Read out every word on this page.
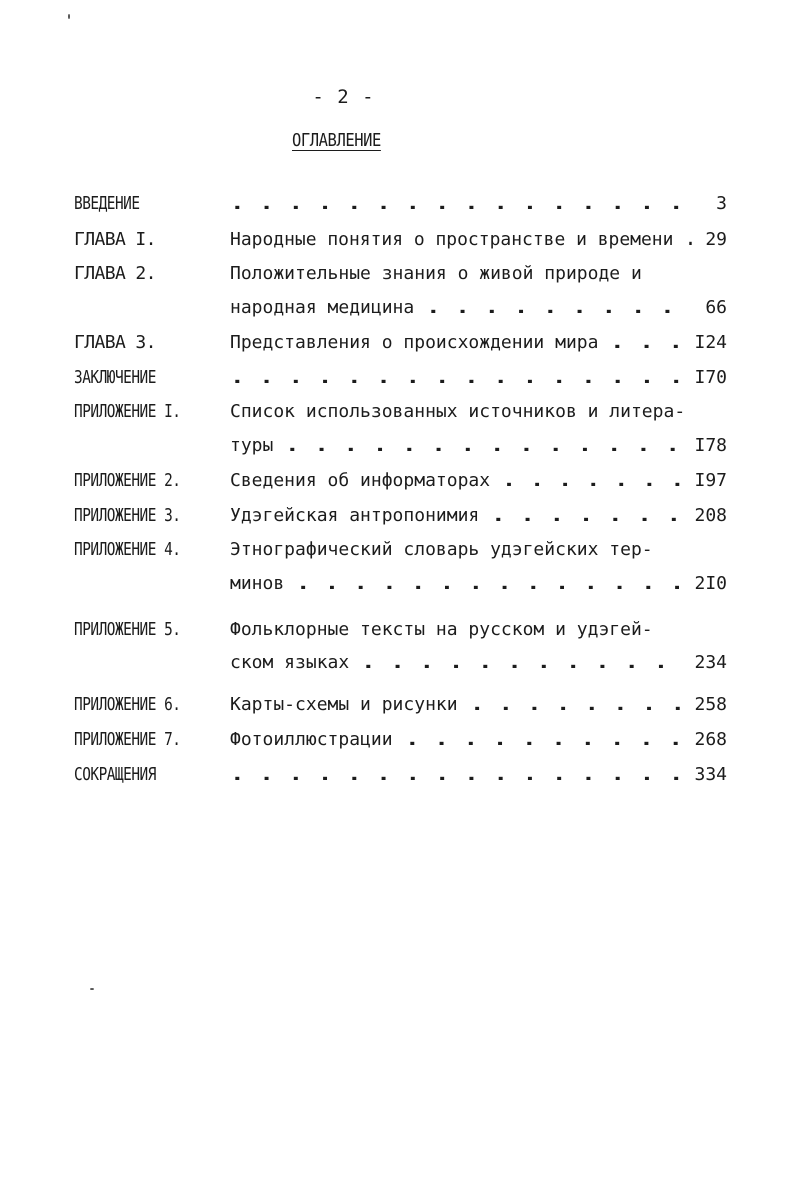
- 2 -
ОГЛАВЛЕНИЕ
ВВЕДЕНИЕ	3
. . . . . . . . . . . . . . . .
ГЛАВА I.	Народные понятия о пространстве и времени 29
.
ГЛАВА 2.	Положительные знания о живой природе и
народная медицина	66
. . . . . . . . .
ГЛАВА 3.	Представления о происхождении мира	I24
. . .
ЗАКЛЮЧЕНИЕ	I70
. . . . . . . . . . . . . . . .
ПРИЛОЖЕНИЕ I.	Список использованных источников и литера-
туры	I78
. . . . . . . . . . . . . .
ПРИЛОЖЕНИЕ 2.	Сведения об информаторах	I97
. . . . . . .
ПРИЛОЖЕНИЕ 3.	Удэгейская антропонимия	208
. . . . . . .
ПРИЛОЖЕНИЕ 4.	Этнографический словарь удэгейских тер-
минов	2I0
. . . . . . . . . . . . . .
ПРИЛОЖЕНИЕ 5.	Фольклорные тексты на русском и удэгей-
ском языках	234
. . . . . . . . . . .
ПРИЛОЖЕНИЕ 6.	Карты-схемы и рисунки	258
. . . . . . . .
ПРИЛОЖЕНИЕ 7.	Фотоиллюстрации	268
. . . . . . . . . .
СОКРАЩЕНИЯ	334
. . . . . . . . . . . . . . . .
